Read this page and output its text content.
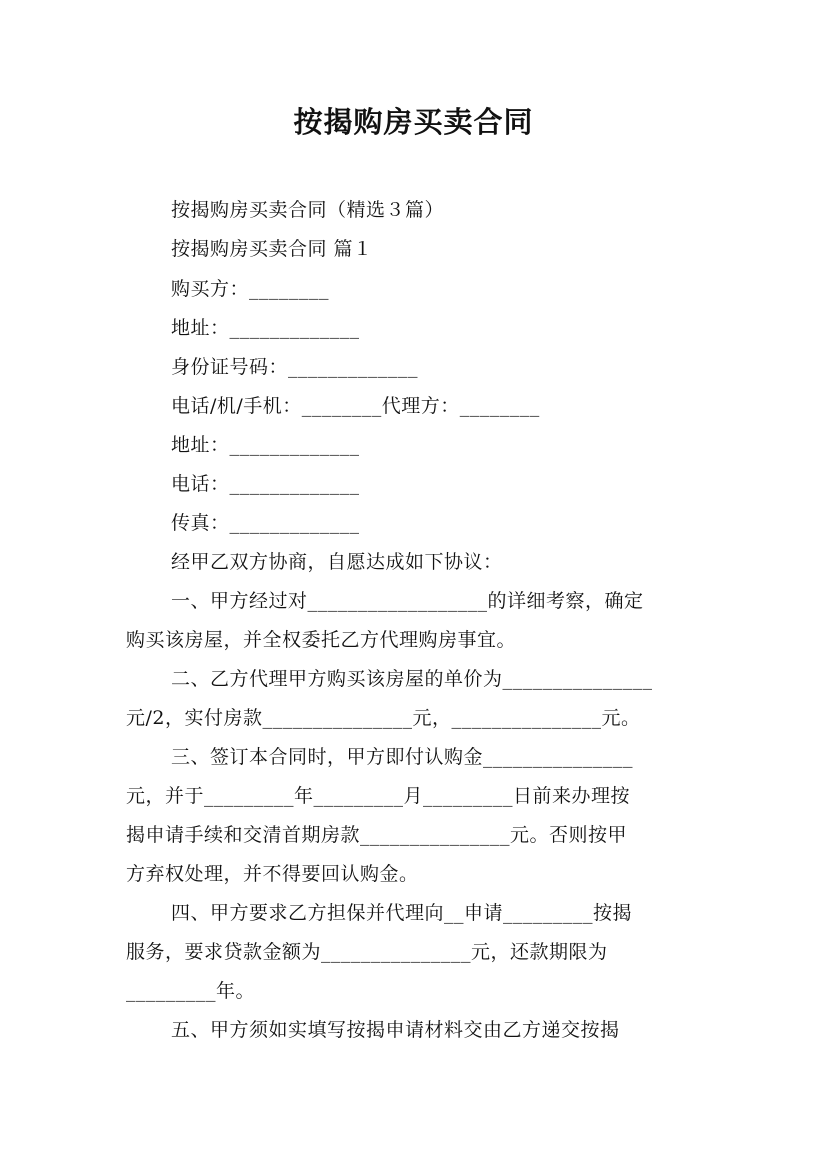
按揭购房买卖合同
按揭购房买卖合同（精选３篇）
按揭购房买卖合同 篇１
购买方：________
地址：_____________
身份证号码：_____________
电话/机/手机：________代理方：________
地址：_____________
电话：_____________
传真：_____________
经甲乙双方协商，自愿达成如下协议：
一、甲方经过对__________________的详细考察，确定
购买该房屋，并全权委托乙方代理购房事宜。
二、乙方代理甲方购买该房屋的单价为_______________
元/2，实付房款_______________元，_______________元。
三、签订本合同时，甲方即付认购金_______________
元，并于_________年_________月_________日前来办理按
揭申请手续和交清首期房款_______________元。否则按甲
方弃权处理，并不得要回认购金。
四、甲方要求乙方担保并代理向__申请_________按揭
服务，要求贷款金额为_______________元，还款期限为
_________年。
五、甲方须如实填写按揭申请材料交由乙方递交按揭
